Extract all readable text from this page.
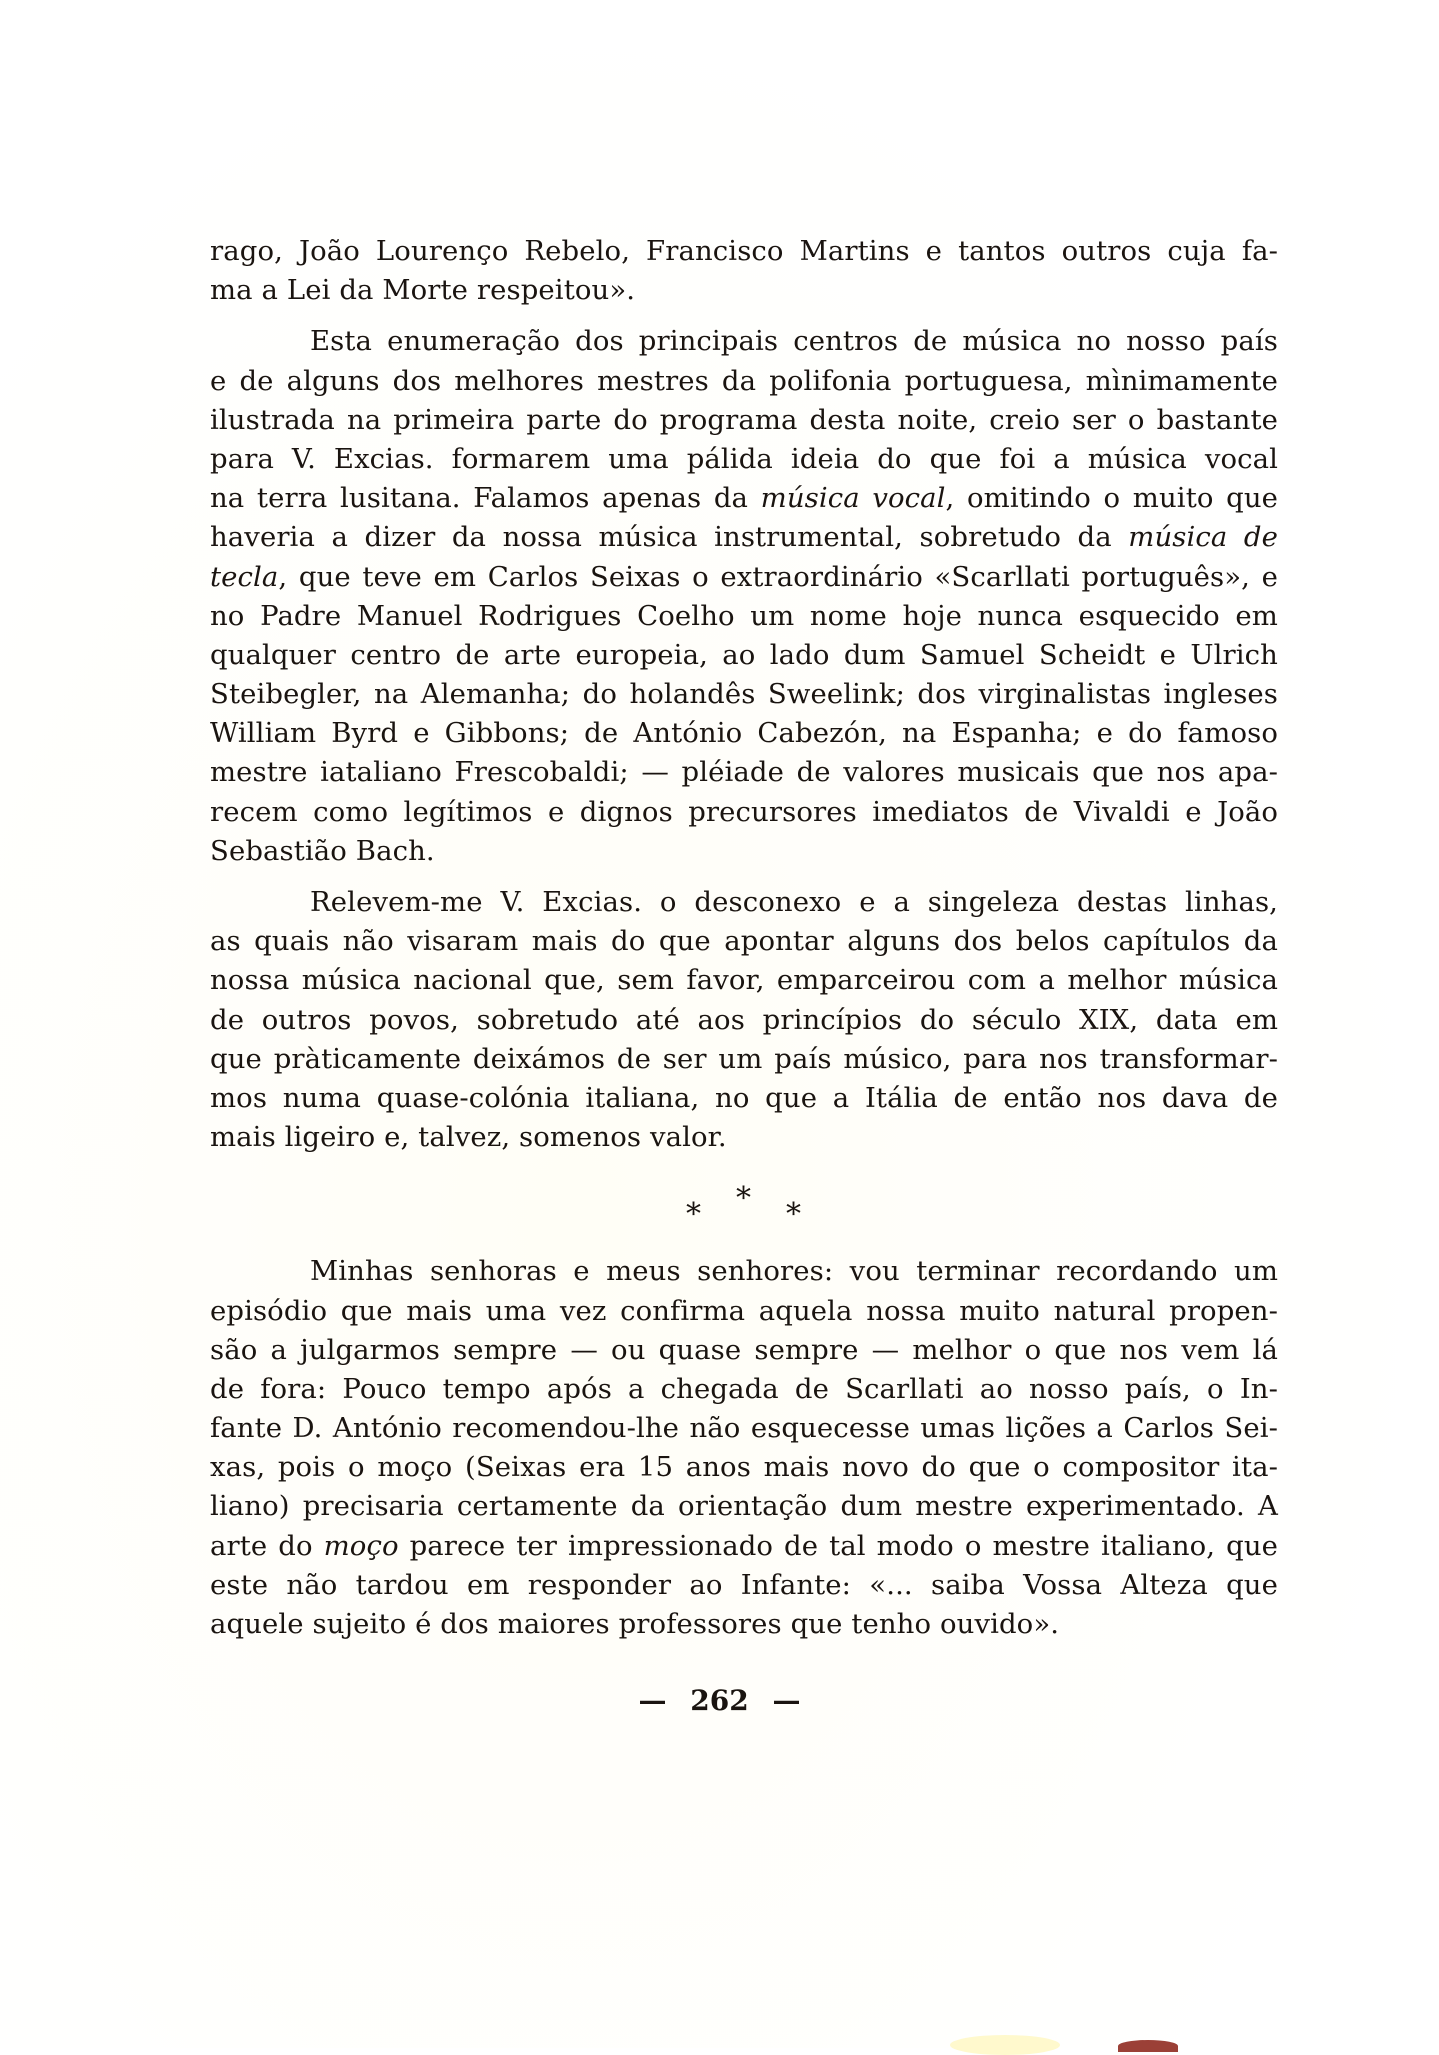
rago, João Lourenço Rebelo, Francisco Martins e tantos outros cuja fa-
ma a Lei da Morte respeitou».
Esta enumeração dos principais centros de música no nosso país
e de alguns dos melhores mestres da polifonia portuguesa, mìnimamente
ilustrada na primeira parte do programa desta noite, creio ser o bastante
para V. Excias. formarem uma pálida ideia do que foi a música vocal
na terra lusitana. Falamos apenas da música vocal, omitindo o muito que
haveria a dizer da nossa música instrumental, sobretudo da música de
tecla, que teve em Carlos Seixas o extraordinário «Scarllati português», e
no Padre Manuel Rodrigues Coelho um nome hoje nunca esquecido em
qualquer centro de arte europeia, ao lado dum Samuel Scheidt e Ulrich
Steibegler, na Alemanha; do holandês Sweelink; dos virginalistas ingleses
William Byrd e Gibbons; de António Cabezón, na Espanha; e do famoso
mestre iataliano Frescobaldi; — pléiade de valores musicais que nos apa-
recem como legítimos e dignos precursores imediatos de Vivaldi e João
Sebastião Bach.
Relevem-me V. Excias. o desconexo e a singeleza destas linhas,
as quais não visaram mais do que apontar alguns dos belos capítulos da
nossa música nacional que, sem favor, emparceirou com a melhor música
de outros povos, sobretudo até aos princípios do século XIX, data em
que pràticamente deixámos de ser um país músico, para nos transformar-
mos numa quase-colónia italiana, no que a Itália de então nos dava de
mais ligeiro e, talvez, somenos valor.
*
*	*
Minhas senhoras e meus senhores: vou terminar recordando um
episódio que mais uma vez confirma aquela nossa muito natural propen-
são a julgarmos sempre — ou quase sempre — melhor o que nos vem lá
de fora: Pouco tempo após a chegada de Scarllati ao nosso país, o In-
fante D. António recomendou-lhe não esquecesse umas lições a Carlos Sei-
xas, pois o moço (Seixas era 15 anos mais novo do que o compositor ita-
liano) precisaria certamente da orientação dum mestre experimentado. A
arte do moço parece ter impressionado de tal modo o mestre italiano, que
este não tardou em responder ao Infante: «... saiba Vossa Alteza que
aquele sujeito é dos maiores professores que tenho ouvido».
— 262 —
